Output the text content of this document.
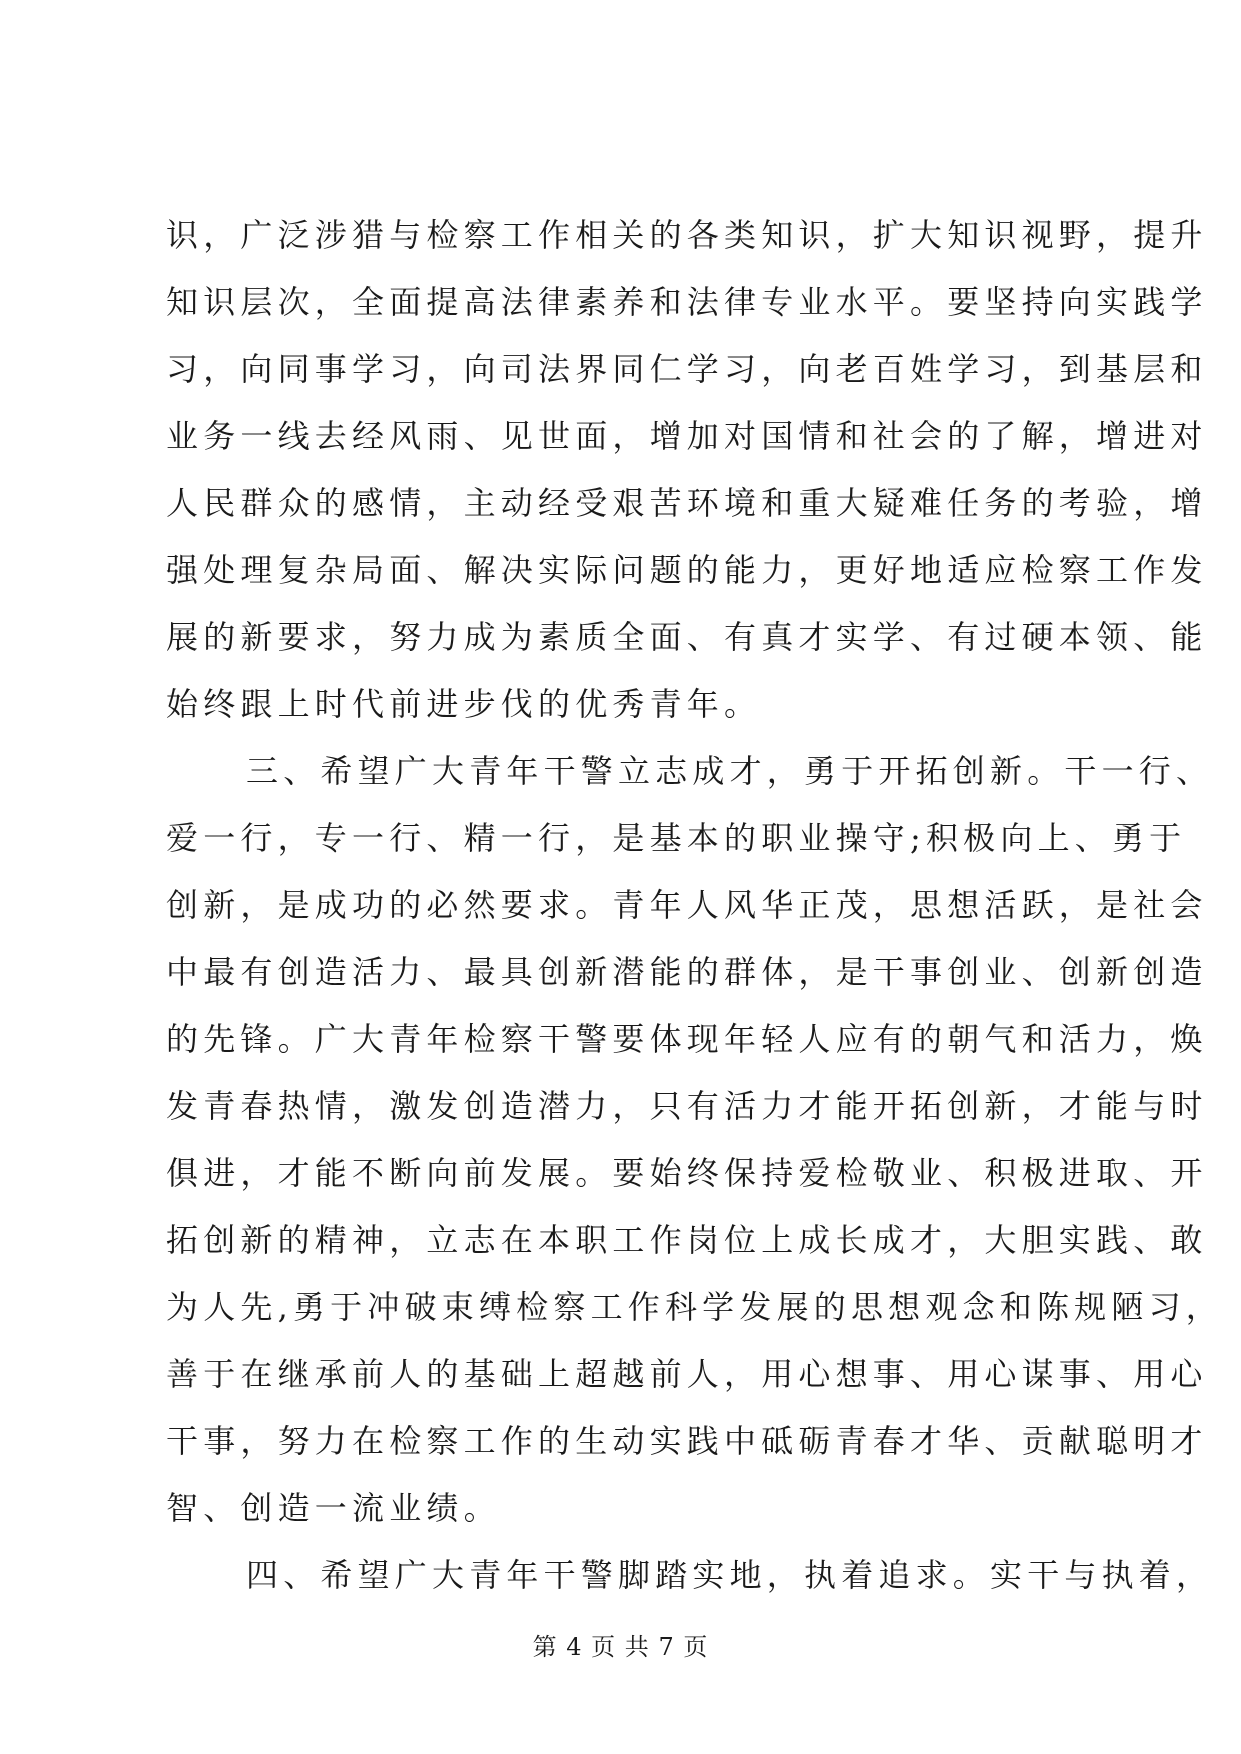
识，广泛涉猎与检察工作相关的各类知识，扩大知识视野，提升
知识层次，全面提高法律素养和法律专业水平。要坚持向实践学
习，向同事学习，向司法界同仁学习，向老百姓学习，到基层和
业务一线去经风雨、见世面，增加对国情和社会的了解，增进对
人民群众的感情，主动经受艰苦环境和重大疑难任务的考验，增
强处理复杂局面、解决实际问题的能力，更好地适应检察工作发
展的新要求，努力成为素质全面、有真才实学、有过硬本领、能
始终跟上时代前进步伐的优秀青年。
三、希望广大青年干警立志成才，勇于开拓创新。干一行、
爱一行，专一行、精一行，是基本的职业操守;积极向上、勇于
创新，是成功的必然要求。青年人风华正茂，思想活跃，是社会
中最有创造活力、最具创新潜能的群体，是干事创业、创新创造
的先锋。广大青年检察干警要体现年轻人应有的朝气和活力，焕
发青春热情，激发创造潜力，只有活力才能开拓创新，才能与时
俱进，才能不断向前发展。要始终保持爱检敬业、积极进取、开
拓创新的精神，立志在本职工作岗位上成长成才，大胆实践、敢
为人先,勇于冲破束缚检察工作科学发展的思想观念和陈规陋习，
善于在继承前人的基础上超越前人，用心想事、用心谋事、用心
干事，努力在检察工作的生动实践中砥砺青春才华、贡献聪明才
智、创造一流业绩。
四、希望广大青年干警脚踏实地，执着追求。实干与执着，
第 4 页 共 7 页
